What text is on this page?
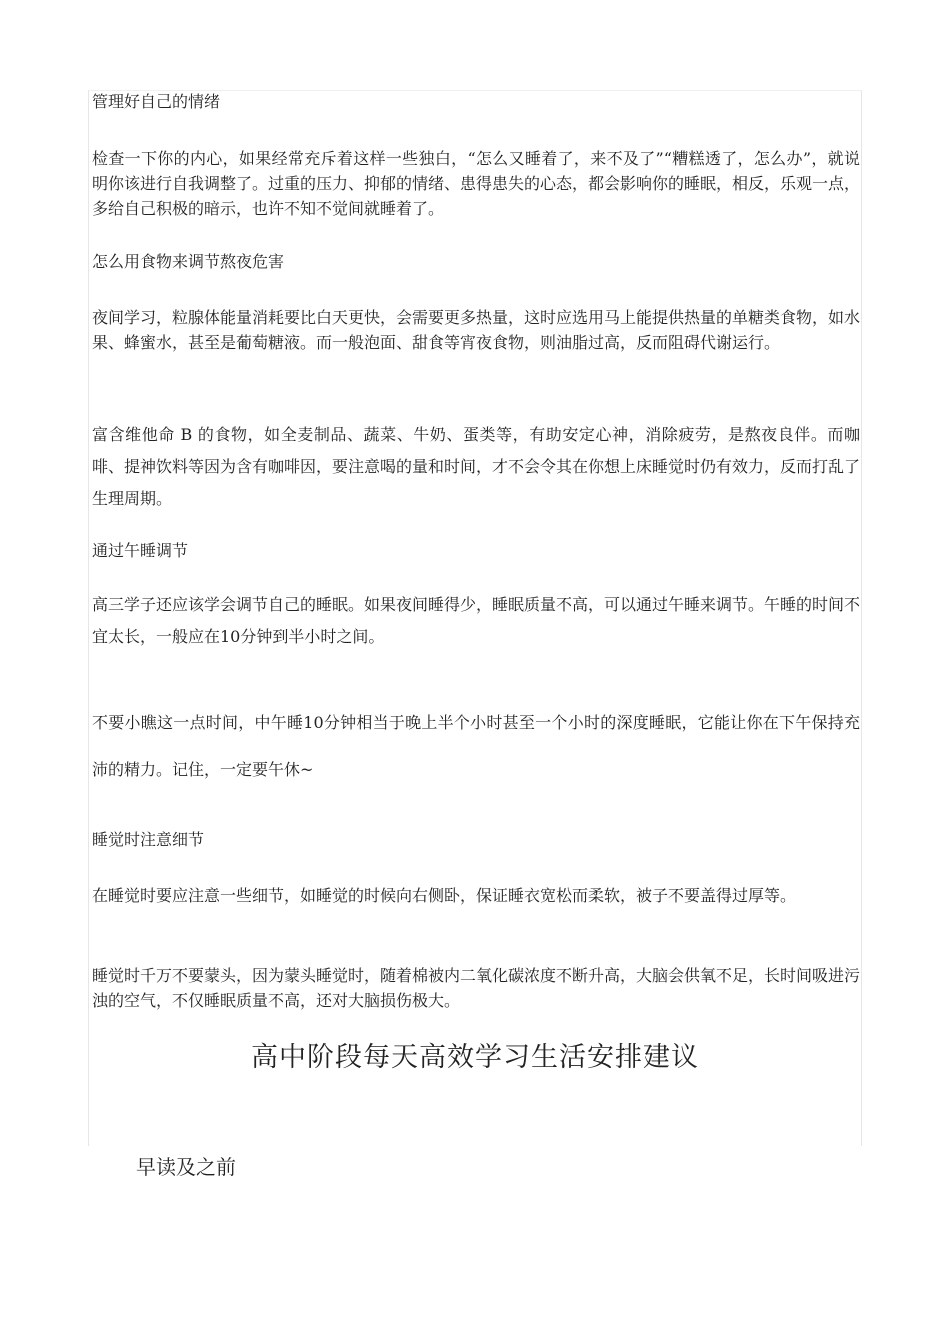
管理好自己的情绪

检查一下你的内心，如果经常充斥着这样一些独白，“怎么又睡着了，来不及了”“糟糕透了，怎么办”，就说明你该进行自我调整了。过重的压力、抑郁的情绪、患得患失的心态，都会影响你的睡眠，相反，乐观一点，多给自己积极的暗示，也许不知不觉间就睡着了。

怎么用食物来调节熬夜危害

夜间学习，粒腺体能量消耗要比白天更快，会需要更多热量，这时应选用马上能提供热量的单糖类食物，如水果、蜂蜜水，甚至是葡萄糖液。而一般泡面、甜食等宵夜食物，则油脂过高，反而阻碍代谢运行。

富含维他命 B 的食物，如全麦制品、蔬菜、牛奶、蛋类等，有助安定心神，消除疲劳，是熬夜良伴。而咖啡、提神饮料等因为含有咖啡因，要注意喝的量和时间，才不会令其在你想上床睡觉时仍有效力，反而打乱了生理周期。

通过午睡调节

高三学子还应该学会调节自己的睡眠。如果夜间睡得少，睡眠质量不高，可以通过午睡来调节。午睡的时间不宜太长，一般应在10分钟到半小时之间。

不要小瞧这一点时间，中午睡10分钟相当于晚上半个小时甚至一个小时的深度睡眠，它能让你在下午保持充沛的精力。记住，一定要午休~

睡觉时注意细节

在睡觉时要应注意一些细节，如睡觉的时候向右侧卧，保证睡衣宽松而柔软，被子不要盖得过厚等。

睡觉时千万不要蒙头，因为蒙头睡觉时，随着棉被内二氧化碳浓度不断升高，大脑会供氧不足，长时间吸进污浊的空气，不仅睡眠质量不高，还对大脑损伤极大。

高中阶段每天高效学习生活安排建议

早读及之前
